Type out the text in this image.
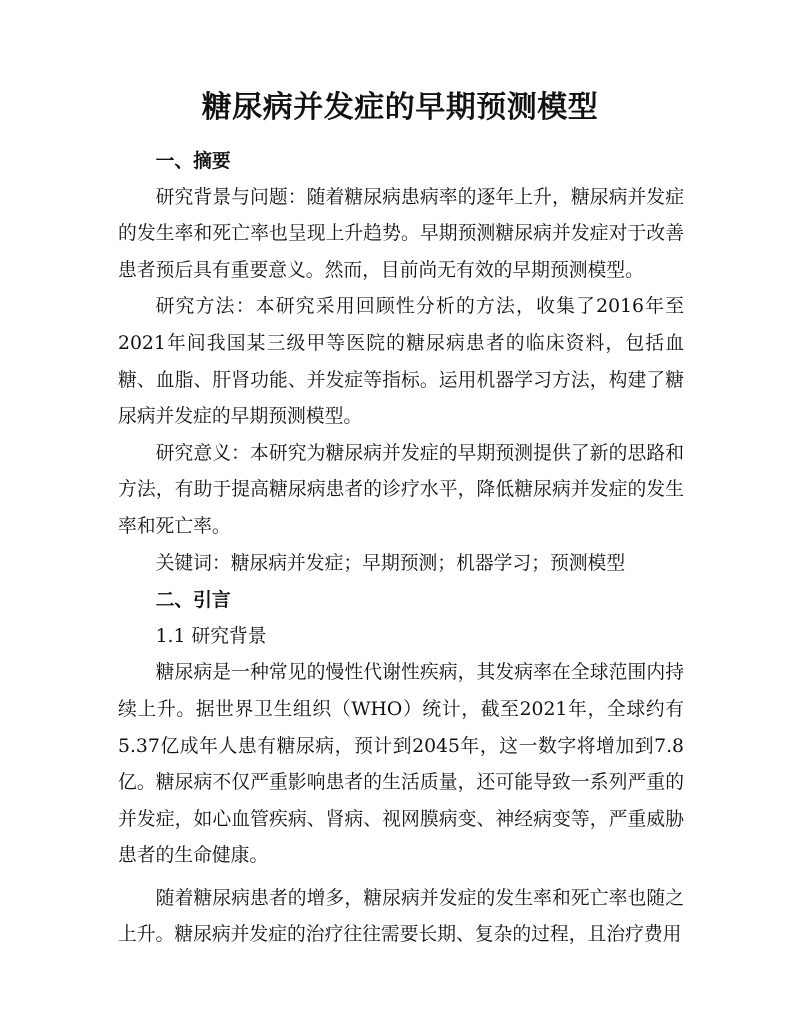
糖尿病并发症的早期预测模型

一、摘要

研究背景与问题：随着糖尿病患病率的逐年上升，糖尿病并发症的发生率和死亡率也呈现上升趋势。早期预测糖尿病并发症对于改善患者预后具有重要意义。然而，目前尚无有效的早期预测模型。

研究方法：本研究采用回顾性分析的方法，收集了2016年至2021年间我国某三级甲等医院的糖尿病患者的临床资料，包括血糖、血脂、肝肾功能、并发症等指标。运用机器学习方法，构建了糖尿病并发症的早期预测模型。

研究意义：本研究为糖尿病并发症的早期预测提供了新的思路和方法，有助于提高糖尿病患者的诊疗水平，降低糖尿病并发症的发生率和死亡率。

关键词：糖尿病并发症；早期预测；机器学习；预测模型

二、引言

1.1 研究背景

糖尿病是一种常见的慢性代谢性疾病，其发病率在全球范围内持续上升。据世界卫生组织（WHO）统计，截至2021年，全球约有5.37亿成年人患有糖尿病，预计到2045年，这一数字将增加到7.8亿。糖尿病不仅严重影响患者的生活质量，还可能导致一系列严重的并发症，如心血管疾病、肾病、视网膜病变、神经病变等，严重威胁患者的生命健康。

随着糖尿病患者的增多，糖尿病并发症的发生率和死亡率也随之上升。糖尿病并发症的治疗往往需要长期、复杂的过程，且治疗费用
